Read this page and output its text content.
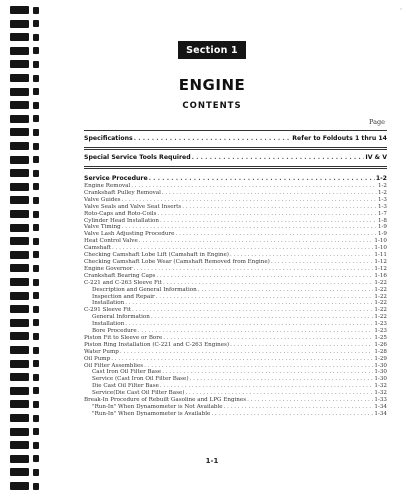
◦
Section 1
ENGINE
CONTENTS
Page
Specifications . . .	Refer to Foldouts 1 thru 14
Special Service Tools Required . . .	IV & V
Service Procedure . . .	1-2
Engine Removal . . .	1-2
Crankshaft Pulley Removal . . .	1-2
Valve Guides . . .	1-3
Valve Seals and Valve Seat Inserts . . .	1-3
Roto-Caps and Roto-Coils . . .	1-7
Cylinder Head Installation . . .	1-8
Valve Timing . . .	1-9
Valve Lash Adjusting Procedure . . .	1-9
Heat Control Valve . . .	1-10
Camshaft . . .	1-10
Checking Camshaft Lobe Lift (Camshaft in Engine) . . .	1-11
Checking Camshaft Lobe Wear (Camshaft Removed from Engine) . . .	1-12
Engine Governor . . .	1-12
Crankshaft Bearing Caps . . .	1-16
C-221 and C-263 Sleeve Fit . . .	1-22
Description and General Information . . .	1-22
Inspection and Repair . . .	1-22
Installation . . .	1-22
C-291 Sleeve Fit . . .	1-22
General Information . . .	1-22
Installation . . .	1-23
Bore Procedure . . .	1-23
Piston Fit to Sleeve or Bore . . .	1-25
Piston Ring Installation (C-221 and C-263 Engines) . . .	1-26
Water Pump . . .	1-28
Oil Pump . . .	1-29
Oil Filter Assemblies . . .	1-30
Cast Iron Oil Filter Base . . .	1-30
Service (Cast Iron Oil Filter Base) . . .	1-30
Die Cast Oil Filter Base . . .	1-32
Service(Die Cast Oil Filter Base) . . .	1-32
Break-In Procedure of Rebuilt Gasoline and LPG Engines . . .	1-33
"Run-In" When Dynamometer is Not Available . . .	1-34
"Run-In" When Dynamometer is Available . . .	1-34
1-1
